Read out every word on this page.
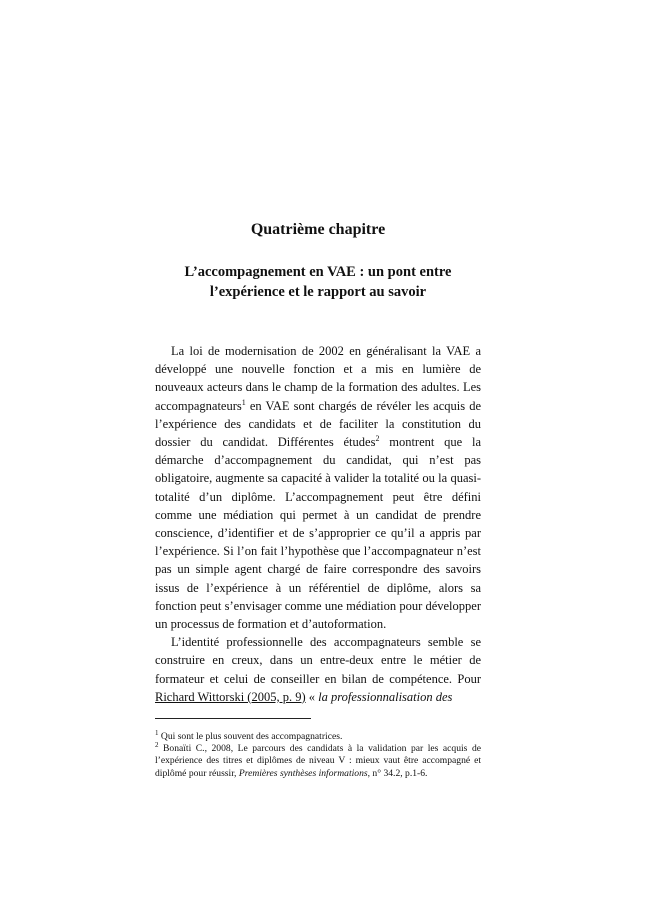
Quatrième chapitre
L’accompagnement en VAE : un pont entre
l’expérience et le rapport au savoir

La loi de modernisation de 2002 en généralisant la VAE a développé une nouvelle fonction et a mis en lumière de nouveaux acteurs dans le champ de la formation des adultes. Les accompagnateurs$^1$ en VAE sont chargés de révéler les acquis de l’expérience des candidats et de faciliter la constitution du dossier du candidat. Différentes études$^2$ montrent que la démarche d’accompagnement du candidat, qui n’est pas obligatoire, augmente sa capacité à valider la totalité ou la quasi-totalité d’un diplôme. L’accompagnement peut être défini comme une médiation qui permet à un candidat de prendre conscience, d’identifier et de s’approprier ce qu’il a appris par l’expérience. Si l’on fait l’hypothèse que l’accompagnateur n’est pas un simple agent chargé de faire correspondre des savoirs issus de l’expérience à un référentiel de diplôme, alors sa fonction peut s’envisager comme une médiation pour développer un processus de formation et d’autoformation.

L’identité professionnelle des accompagnateurs semble se construire en creux, dans un entre-deux entre le métier de formateur et celui de conseiller en bilan de compétence. Pour Richard Wittorski (2005, p. 9) « la professionnalisation des

$^1$ Qui sont le plus souvent des accompagnatrices.

$^2$ Bonaïti C., 2008, Le parcours des candidats à la validation par les acquis de l’expérience des titres et diplômes de niveau V : mieux vaut être accompagné et diplômé pour réussir, Premières synthèses informations, n° 34.2, p.1-6.
